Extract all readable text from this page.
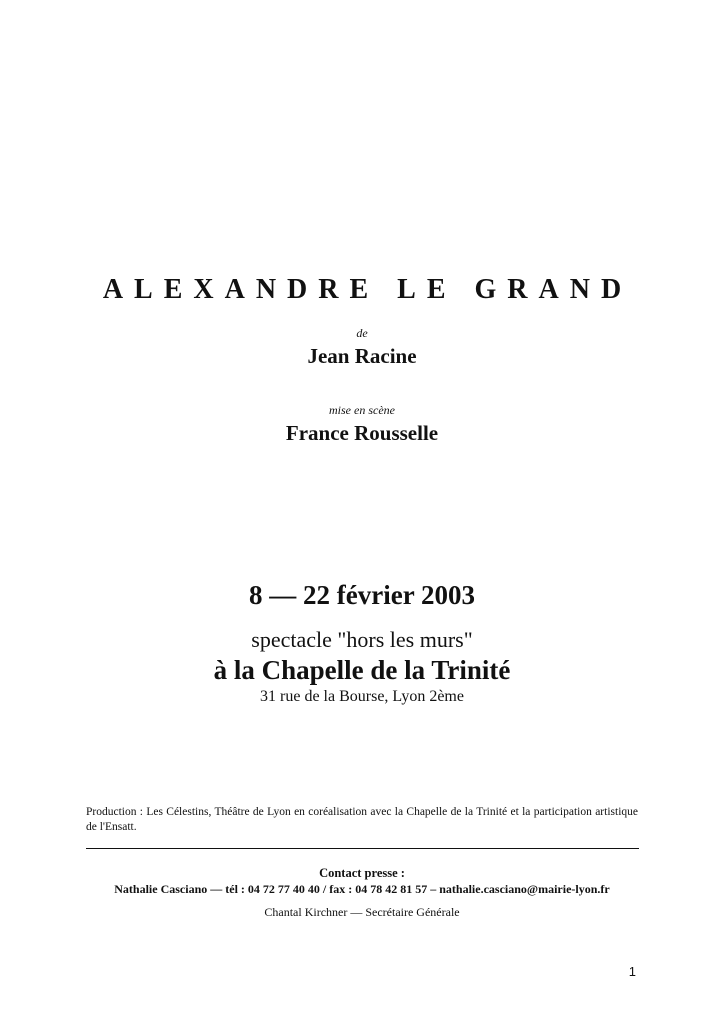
ALEXANDRE LE GRAND
de
Jean Racine
mise en scène
France Rousselle
8 — 22 février 2003
spectacle "hors les murs"
à la Chapelle de la Trinité
31 rue de la Bourse, Lyon 2ème
Production : Les Célestins, Théâtre de Lyon en coréalisation avec la Chapelle de la Trinité et la participation artistique de l'Ensatt.
Contact presse :
Nathalie Casciano — tél : 04 72 77 40 40 / fax : 04 78 42 81 57 – nathalie.casciano@mairie-lyon.fr
Chantal Kirchner — Secrétaire Générale
1
